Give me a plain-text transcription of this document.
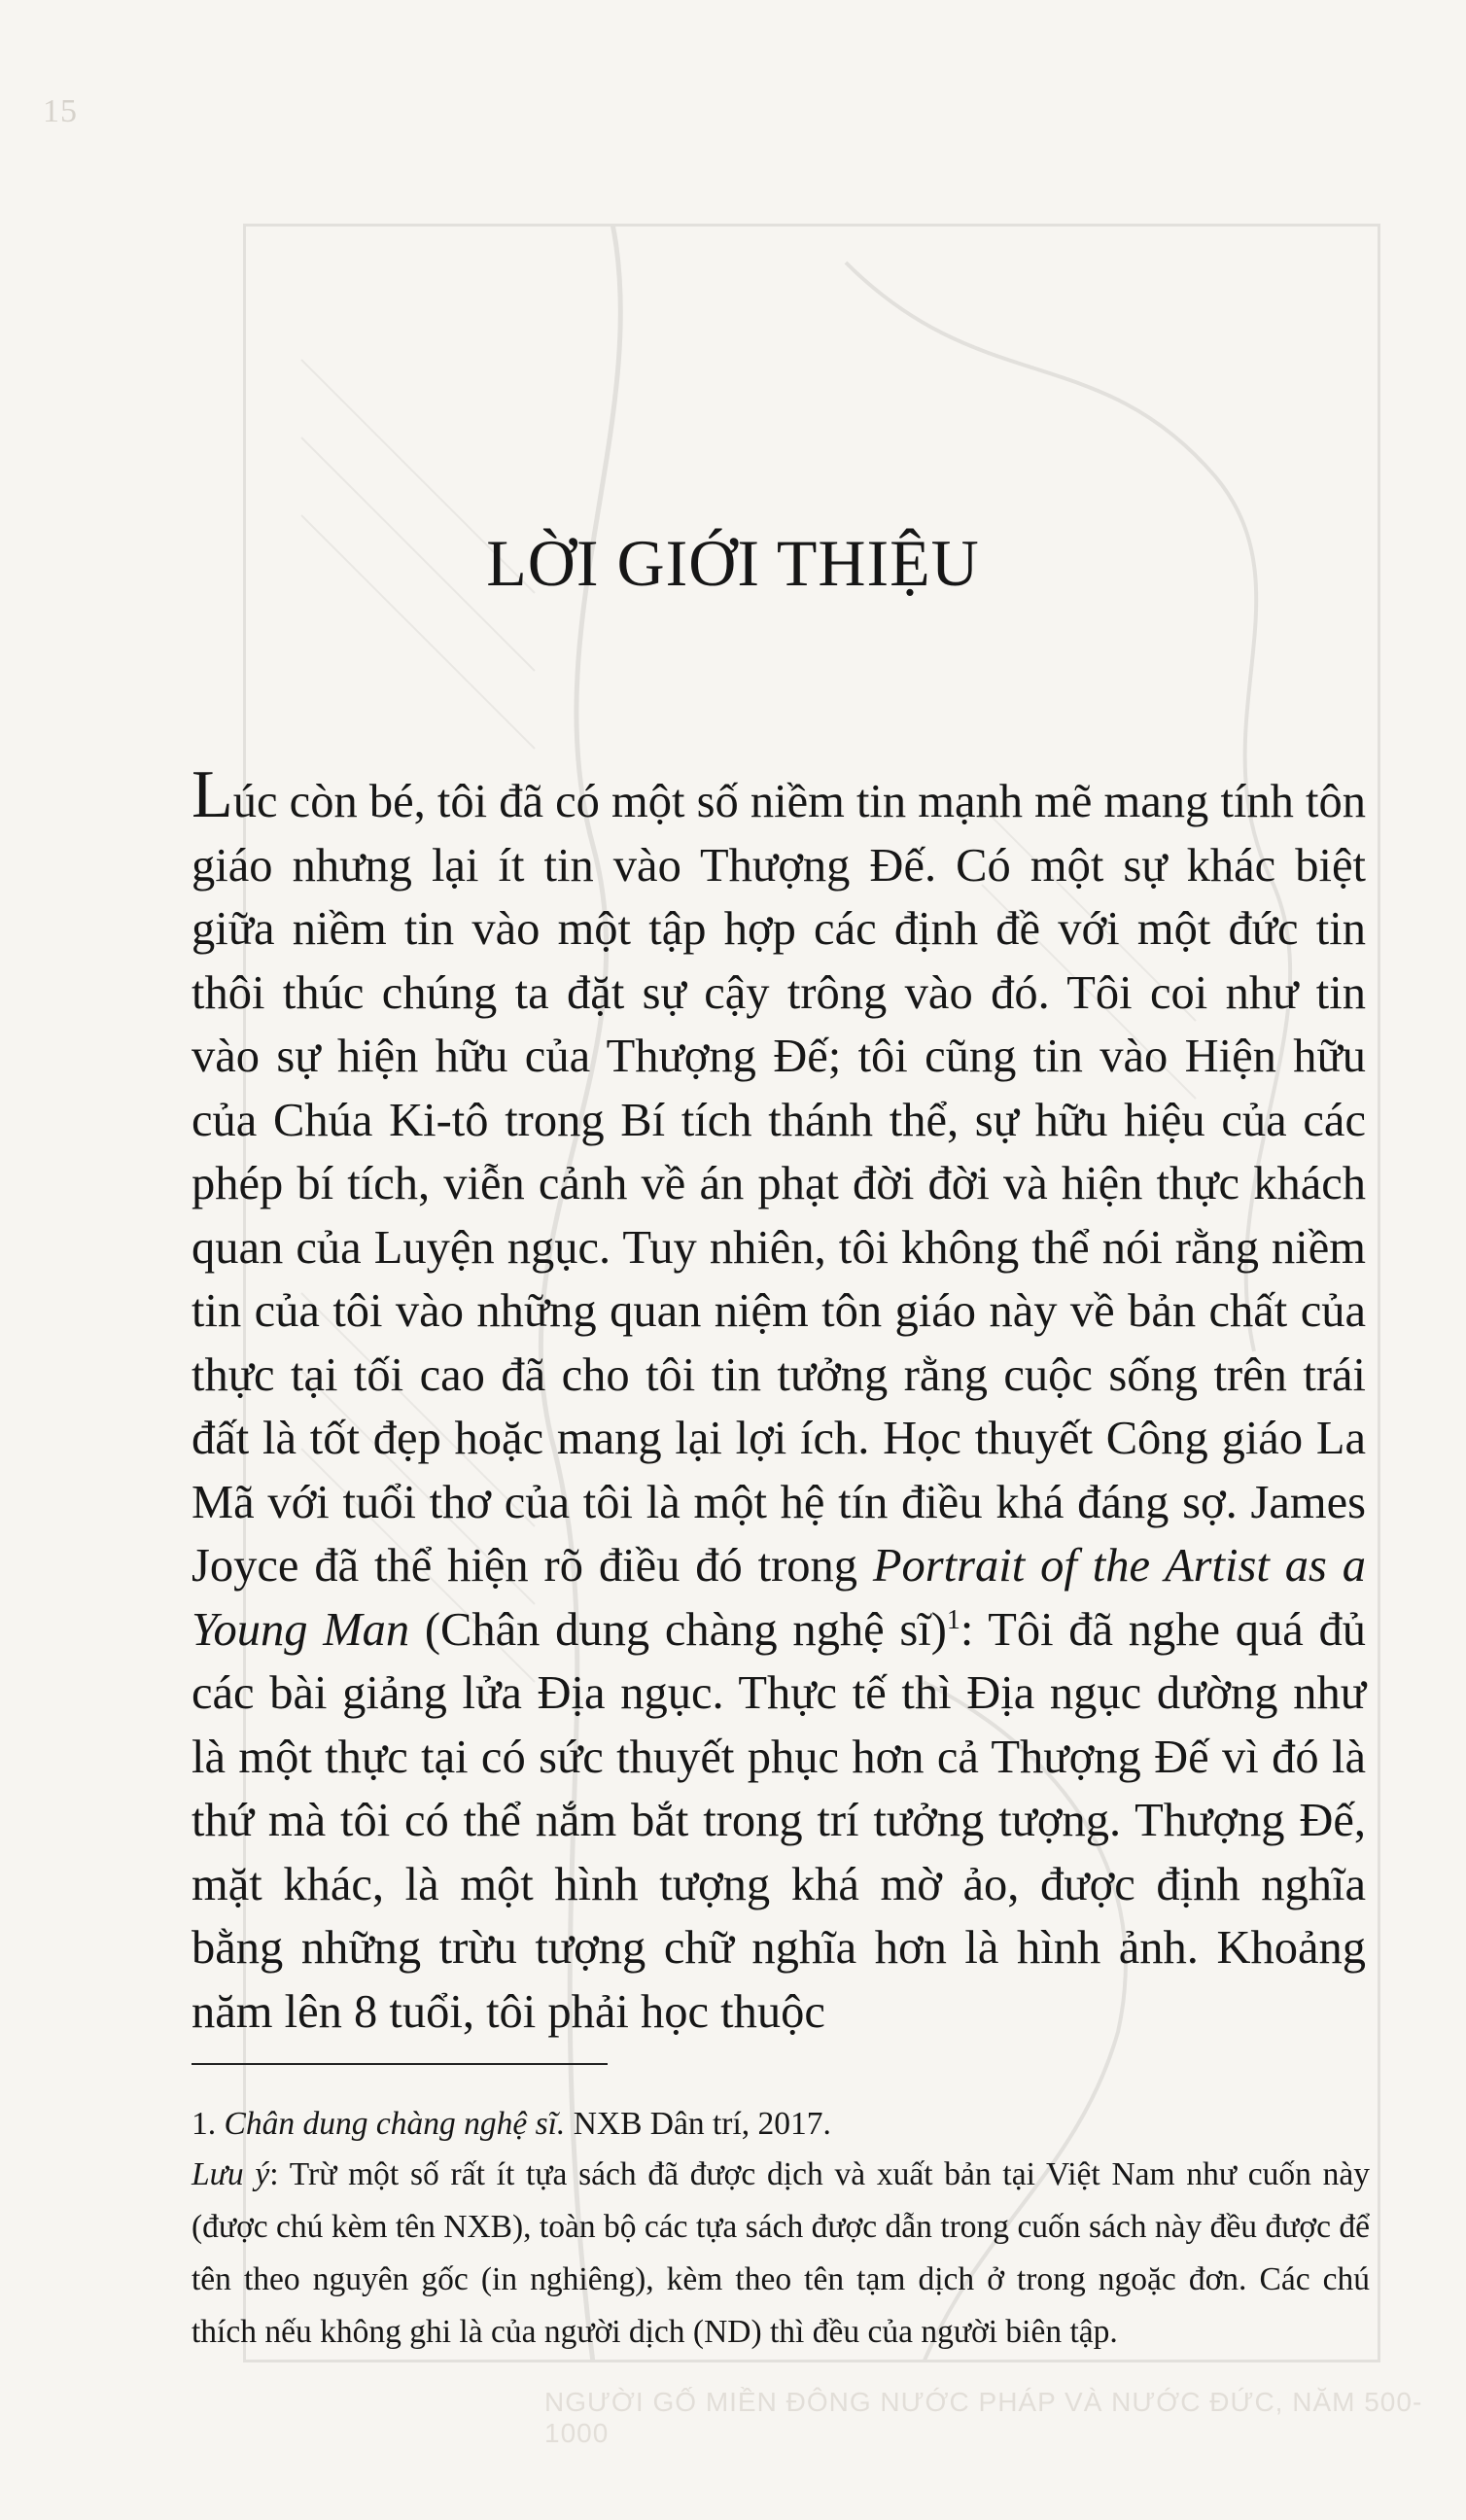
15
LỜI GIỚI THIỆU

Lúc còn bé, tôi đã có một số niềm tin mạnh mẽ mang tính tôn giáo nhưng lại ít tin vào Thượng Đế. Có một sự khác biệt giữa niềm tin vào một tập hợp các định đề với một đức tin thôi thúc chúng ta đặt sự cậy trông vào đó. Tôi coi như tin vào sự hiện hữu của Thượng Đế; tôi cũng tin vào Hiện hữu của Chúa Ki-tô trong Bí tích thánh thể, sự hữu hiệu của các phép bí tích, viễn cảnh về án phạt đời đời và hiện thực khách quan của Luyện ngục. Tuy nhiên, tôi không thể nói rằng niềm tin của tôi vào những quan niệm tôn giáo này về bản chất của thực tại tối cao đã cho tôi tin tưởng rằng cuộc sống trên trái đất là tốt đẹp hoặc mang lại lợi ích. Học thuyết Công giáo La Mã với tuổi thơ của tôi là một hệ tín điều khá đáng sợ. James Joyce đã thể hiện rõ điều đó trong Portrait of the Artist as a Young Man (Chân dung chàng nghệ sĩ)$^1$: Tôi đã nghe quá đủ các bài giảng lửa Địa ngục. Thực tế thì Địa ngục dường như là một thực tại có sức thuyết phục hơn cả Thượng Đế vì đó là thứ mà tôi có thể nắm bắt trong trí tưởng tượng. Thượng Đế, mặt khác, là một hình tượng khá mờ ảo, được định nghĩa bằng những trừu tượng chữ nghĩa hơn là hình ảnh. Khoảng năm lên 8 tuổi, tôi phải học thuộc

1. Chân dung chàng nghệ sĩ. NXB Dân trí, 2017.

Lưu ý: Trừ một số rất ít tựa sách đã được dịch và xuất bản tại Việt Nam như cuốn này (được chú kèm tên NXB), toàn bộ các tựa sách được dẫn trong cuốn sách này đều được để tên theo nguyên gốc (in nghiêng), kèm theo tên tạm dịch ở trong ngoặc đơn. Các chú thích nếu không ghi là của người dịch (ND) thì đều của người biên tập.

NGƯỜI GỐ MIỀN ĐÔNG NƯỚC PHÁP VÀ NƯỚC ĐỨC, NĂM 500-1000
